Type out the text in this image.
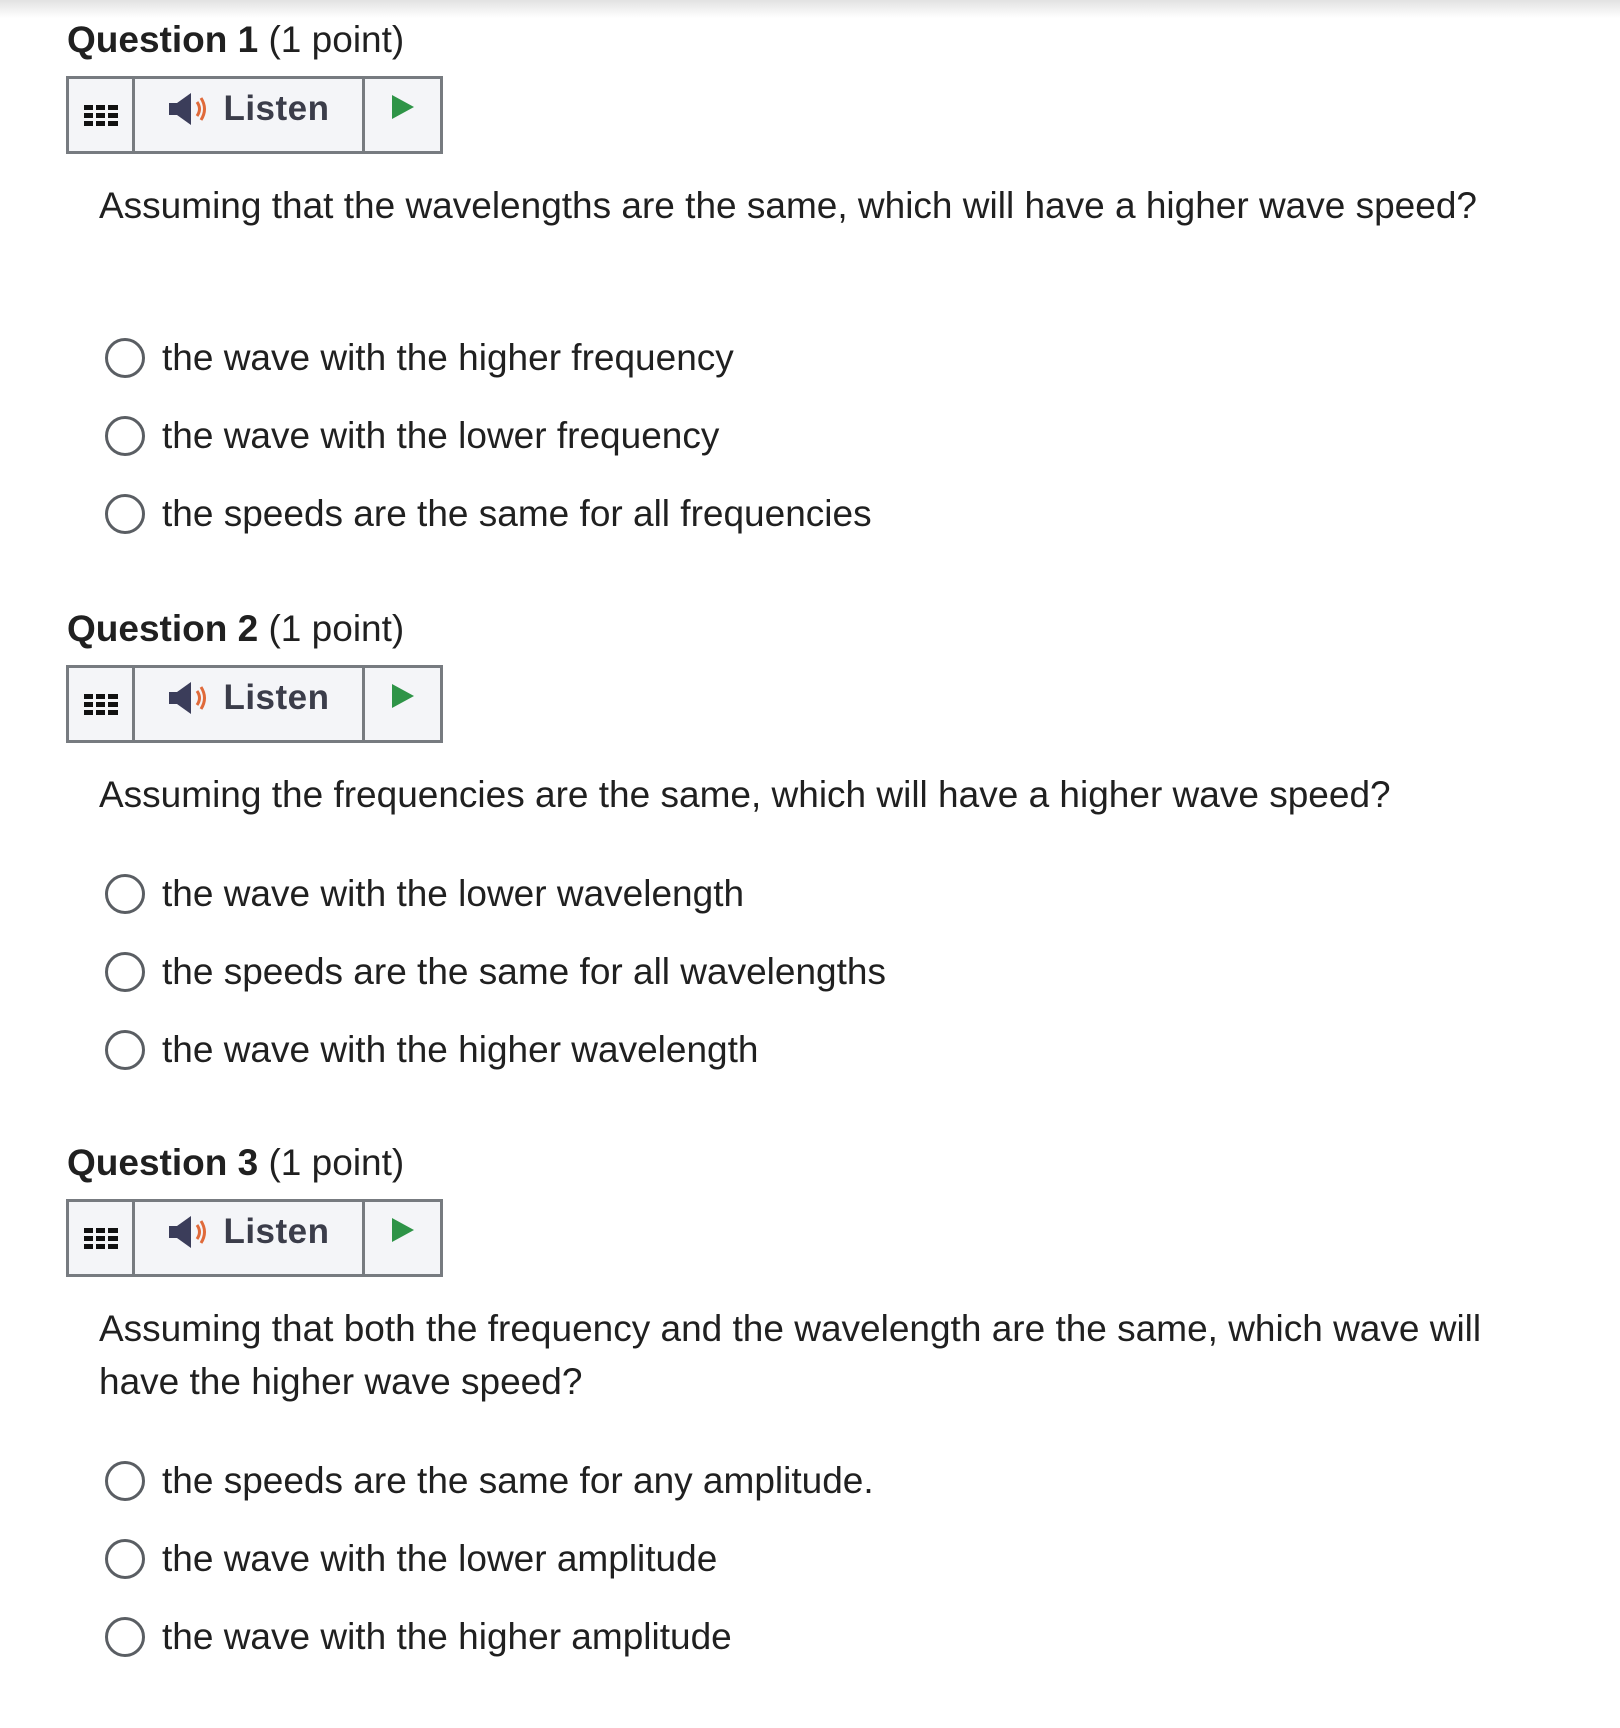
Question 1 (1 point)
Listen
Assuming that the wavelengths are the same, which will have a higher wave speed?
the wave with the higher frequency
the wave with the lower frequency
the speeds are the same for all frequencies
Question 2 (1 point)
Listen
Assuming the frequencies are the same, which will have a higher wave speed?
the wave with the lower wavelength
the speeds are the same for all wavelengths
the wave with the higher wavelength
Question 3 (1 point)
Listen
Assuming that both the frequency and the wavelength are the same, which wave will have the higher wave speed?
the speeds are the same for any amplitude.
the wave with the lower amplitude
the wave with the higher amplitude
